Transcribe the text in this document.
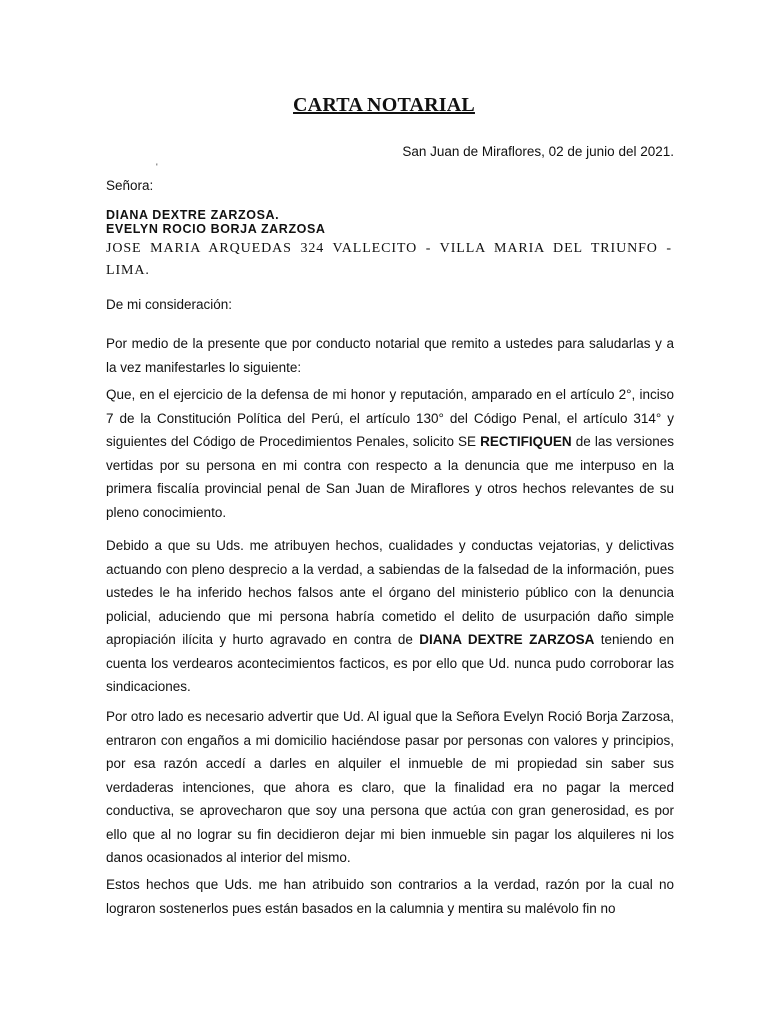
CARTA NOTARIAL
San Juan de Miraflores, 02 de junio del 2021.
'
Señora:
DIANA DEXTRE ZARZOSA.
EVELYN ROCIO BORJA ZARZOSA
JOSE MARIA ARQUEDAS 324 VALLECITO - VILLA MARIA DEL TRIUNFO - LIMA.
De mi consideración:
Por medio de la presente que por conducto notarial que remito a ustedes para saludarlas y a la vez manifestarles lo siguiente:
Que, en el ejercicio de la defensa de mi honor y reputación, amparado en el artículo 2°, inciso 7 de la Constitución Política del Perú, el artículo 130° del Código Penal, el artículo 314° y siguientes del Código de Procedimientos Penales, solicito SE RECTIFIQUEN de las versiones vertidas por su persona en mi contra con respecto a la denuncia que me interpuso en la primera fiscalía provincial penal de San Juan de Miraflores y otros hechos relevantes de su pleno conocimiento.
Debido a que su Uds. me atribuyen hechos, cualidades y conductas vejatorias, y delictivas actuando con pleno desprecio a la verdad, a sabiendas de la falsedad de la información, pues ustedes le ha inferido hechos falsos ante el órgano del ministerio público con la denuncia policial, aduciendo que mi persona habría cometido el delito de usurpación daño simple apropiación ilícita y hurto agravado en contra de DIANA DEXTRE ZARZOSA teniendo en cuenta los verdearos acontecimientos facticos, es por ello que Ud. nunca pudo corroborar las sindicaciones.
Por otro lado es necesario advertir que Ud. Al igual que la Señora Evelyn Roció Borja Zarzosa, entraron con engaños a mi domicilio haciéndose pasar por personas con valores y principios, por esa razón accedí a darles en alquiler el inmueble de mi propiedad sin saber sus verdaderas intenciones, que ahora es claro, que la finalidad era no pagar la merced conductiva, se aprovecharon que soy una persona que actúa con gran generosidad, es por ello que al no lograr su fin decidieron dejar mi bien inmueble sin pagar los alquileres ni los danos ocasionados al interior del mismo.
Estos hechos que Uds. me han atribuido son contrarios a la verdad, razón por la cual no lograron sostenerlos pues están basados en la calumnia y mentira su malévolo fin no
